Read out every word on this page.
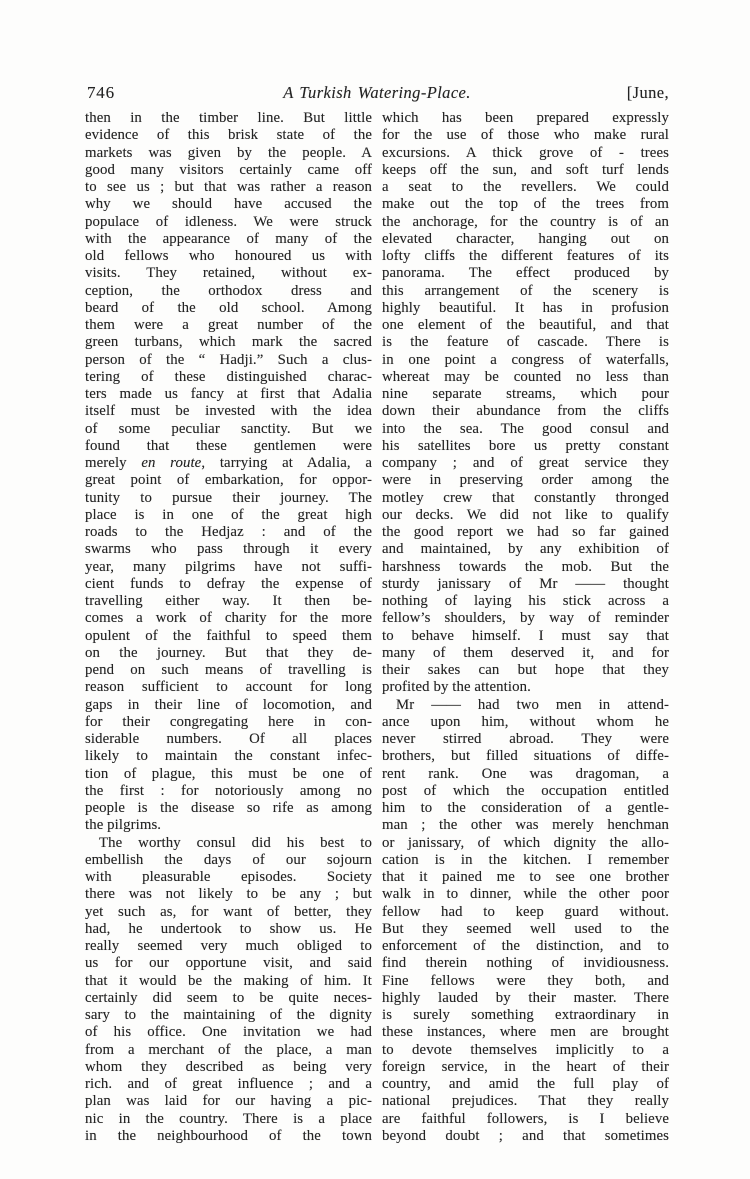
746	A Turkish Watering-Place.	[June,
then in the timber line. But little
evidence of this brisk state of the
markets was given by the people. A
good many visitors certainly came off
to see us ; but that was rather a reason
why we should have accused the
populace of idleness. We were struck
with the appearance of many of the
old fellows who honoured us with
visits. They retained, without ex-
ception, the orthodox dress and
beard of the old school. Among
them were a great number of the
green turbans, which mark the sacred
person of the “ Hadji.” Such a clus-
tering of these distinguished charac-
ters made us fancy at first that Adalia
itself must be invested with the idea
of some peculiar sanctity. But we
found that these gentlemen were
merely en route, tarrying at Adalia, a
great point of embarkation, for oppor-
tunity to pursue their journey. The
place is in one of the great high
roads to the Hedjaz : and of the
swarms who pass through it every
year, many pilgrims have not suffi-
cient funds to defray the expense of
travelling either way. It then be-
comes a work of charity for the more
opulent of the faithful to speed them
on the journey. But that they de-
pend on such means of travelling is
reason sufficient to account for long
gaps in their line of locomotion, and
for their congregating here in con-
siderable numbers. Of all places
likely to maintain the constant infec-
tion of plague, this must be one of
the first : for notoriously among no
people is the disease so rife as among
the pilgrims.
The worthy consul did his best to
embellish the days of our sojourn
with pleasurable episodes. Society
there was not likely to be any ; but
yet such as, for want of better, they
had, he undertook to show us. He
really seemed very much obliged to
us for our opportune visit, and said
that it would be the making of him. It
certainly did seem to be quite neces-
sary to the maintaining of the dignity
of his office. One invitation we had
from a merchant of the place, a man
whom they described as being very
rich. and of great influence ; and a
plan was laid for our having a pic-
nic in the country. There is a place
in the neighbourhood of the town
which has been prepared expressly
for the use of those who make rural
excursions. A thick grove of - trees
keeps off the sun, and soft turf lends
a seat to the revellers. We could
make out the top of the trees from
the anchorage, for the country is of an
elevated character, hanging out on
lofty cliffs the different features of its
panorama. The effect produced by
this arrangement of the scenery is
highly beautiful. It has in profusion
one element of the beautiful, and that
is the feature of cascade. There is
in one point a congress of waterfalls,
whereat may be counted no less than
nine separate streams, which pour
down their abundance from the cliffs
into the sea. The good consul and
his satellites bore us pretty constant
company ; and of great service they
were in preserving order among the
motley crew that constantly thronged
our decks. We did not like to qualify
the good report we had so far gained
and maintained, by any exhibition of
harshness towards the mob. But the
sturdy janissary of Mr —— thought
nothing of laying his stick across a
fellow’s shoulders, by way of reminder
to behave himself. I must say that
many of them deserved it, and for
their sakes can but hope that they
profited by the attention.
Mr —— had two men in attend-
ance upon him, without whom he
never stirred abroad. They were
brothers, but filled situations of diffe-
rent rank. One was dragoman, a
post of which the occupation entitled
him to the consideration of a gentle-
man ; the other was merely henchman
or janissary, of which dignity the allo-
cation is in the kitchen. I remember
that it pained me to see one brother
walk in to dinner, while the other poor
fellow had to keep guard without.
But they seemed well used to the
enforcement of the distinction, and to
find therein nothing of invidiousness.
Fine fellows were they both, and
highly lauded by their master. There
is surely something extraordinary in
these instances, where men are brought
to devote themselves implicitly to a
foreign service, in the heart of their
country, and amid the full play of
national prejudices. That they really
are faithful followers, is I believe
beyond doubt ; and that sometimes
